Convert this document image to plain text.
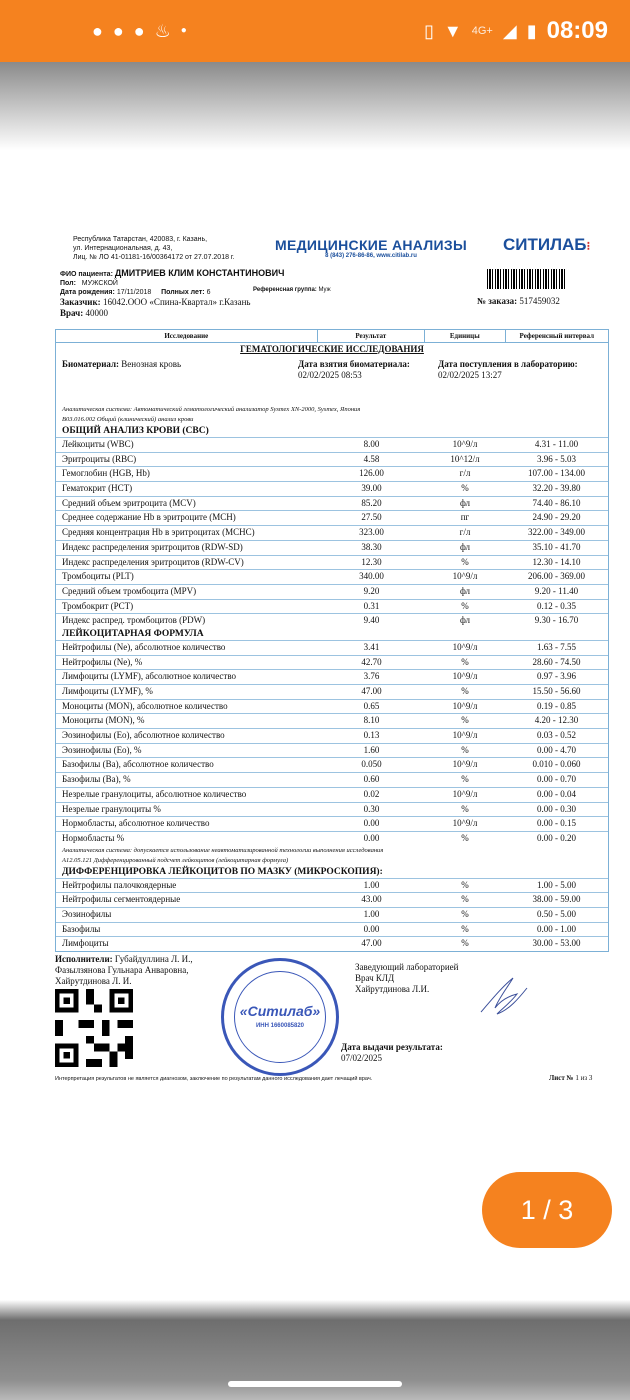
● ● ● ♨ ●	▯ ▼ 4G+ ◢ ▮ 08:09
Республика Татарстан, 420083, г. Казань,
ул. Интернациональная, д. 43,
Лиц. № ЛО 41-01181-16/00364172 от 27.07.2018 г.
МЕДИЦИНСКИЕ АНАЛИЗЫ
8 (843) 276-86-86, www.citilab.ru
СИТИЛАБ⁝
ФИО пациента: ДМИТРИЕВ КЛИМ КОНСТАНТИНОВИЧ
Пол: МУЖСКОЙ
Дата рождения: 17/11/2018 Полных лет: 6	Референсная группа: Муж
Заказчик: 16042.ООО «Спина-Квартал» г.Казань
Врач: 40000
№ заказа: 517459032
Исследование	Результат	Единицы	Референсный интервал
ГЕМАТОЛОГИЧЕСКИЕ ИССЛЕДОВАНИЯ
Биоматериал: Венозная кровь	Дата взятия биоматериала:
02/02/2025 08:53
Дата поступления в лабораторию:
02/02/2025 13:27
Аналитическая система: Автоматический гематологический анализатор Sysmex XN-2000, Sysmex, Япония
B03.016.002 Общий (клинический) анализ крови
ОБЩИЙ АНАЛИЗ КРОВИ (CBC)
Лейкоциты (WBC)	8.00	10^9/л	4.31 - 11.00
Эритроциты (RBC)	4.58	10^12/л	3.96 - 5.03
Гемоглобин (HGB, Hb)	126.00	г/л	107.00 - 134.00
Гематокрит (HCT)	39.00	%	32.20 - 39.80
Средний объем эритроцита (MCV)	85.20	фл	74.40 - 86.10
Среднее содержание Hb в эритроците (MCH)	27.50	пг	24.90 - 29.20
Средняя концентрация Hb в эритроцитах (MCHC)	323.00	г/л	322.00 - 349.00
Индекс распределения эритроцитов (RDW-SD)	38.30	фл	35.10 - 41.70
Индекс распределения эритроцитов (RDW-CV)	12.30	%	12.30 - 14.10
Тромбоциты (PLT)	340.00	10^9/л	206.00 - 369.00
Средний объем тромбоцита (MPV)	9.20	фл	9.20 - 11.40
Тромбокрит (PCT)	0.31	%	0.12 - 0.35
Индекс распред. тромбоцитов (PDW)	9.40	фл	9.30 - 16.70
ЛЕЙКОЦИТАРНАЯ ФОРМУЛА
Нейтрофилы (Ne), абсолютное количество	3.41	10^9/л	1.63 - 7.55
Нейтрофилы (Ne), %	42.70	%	28.60 - 74.50
Лимфоциты (LYMF), абсолютное количество	3.76	10^9/л	0.97 - 3.96
Лимфоциты (LYMF), %	47.00	%	15.50 - 56.60
Моноциты (MON), абсолютное количество	0.65	10^9/л	0.19 - 0.85
Моноциты (MON), %	8.10	%	4.20 - 12.30
Эозинофилы (Eo), абсолютное количество	0.13	10^9/л	0.03 - 0.52
Эозинофилы (Eo), %	1.60	%	0.00 - 4.70
Базофилы (Ba), абсолютное количество	0.050	10^9/л	0.010 - 0.060
Базофилы (Ba), %	0.60	%	0.00 - 0.70
Незрелые гранулоциты, абсолютное количество	0.02	10^9/л	0.00 - 0.04
Незрелые гранулоциты %	0.30	%	0.00 - 0.30
Нормобласты, абсолютное количество	0.00	10^9/л	0.00 - 0.15
Нормобласты %	0.00	%	0.00 - 0.20
Аналитическая система: допускается использование неавтоматизированной технологии выполнения исследования
A12.05.121 Дифференцированный подсчет лейкоцитов (лейкоцитарная формула)
ДИФФЕРЕНЦИРОВКА ЛЕЙКОЦИТОВ ПО МАЗКУ (МИКРОСКОПИЯ):
Нейтрофилы палочкоядерные	1.00	%	1.00 - 5.00
Нейтрофилы сегментоядерные	43.00	%	38.00 - 59.00
Эозинофилы	1.00	%	0.50 - 5.00
Базофилы	0.00	%	0.00 - 1.00
Лимфоциты	47.00	%	30.00 - 53.00
Исполнители: Губайдуллина Л. И., Фазылзянова Гульнара Анваровна, Хайрутдинова Л. И.
«Ситилаб»
ИНН 1660085820
Заведующий лабораторией
Врач КЛД
Хайрутдинова Л.И.
Дата выдачи результата:
07/02/2025
Интерпретация результатов не является диагнозом, заключение по результатам данного исследования дает лечащий врач.	Лист № 1 из 3
1 / 3
